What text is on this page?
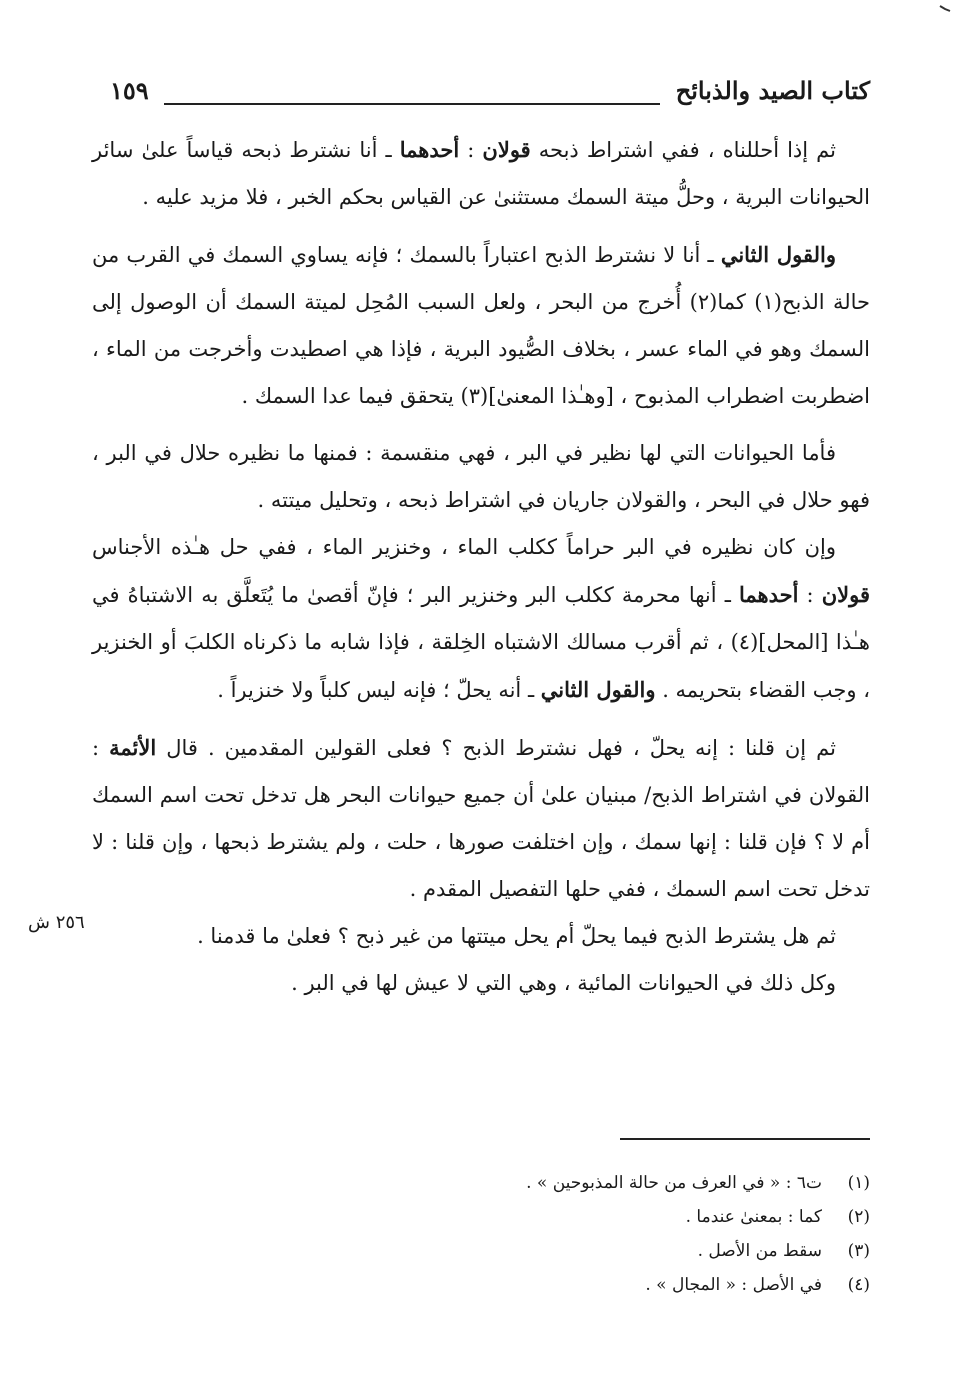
كتاب الصيد والذبائح
١٥٩

ثم إذا أحللناه ، ففي اشتراط ذبحه قولان : أحدهما ـ أنا نشترط ذبحه قياساً علىٰ سائر الحيوانات البرية ، وحلُّ ميتة السمك مستثنىٰ عن القياس بحكم الخبر ، فلا مزيد عليه .

والقول الثاني ـ أنا لا نشترط الذبح اعتباراً بالسمك ؛ فإنه يساوي السمك في القرب من حالة الذبح(١) كما(٢) أُخرج من البحر ، ولعل السبب المُحِل لميتة السمك أن الوصول إلى السمك وهو في الماء عسر ، بخلاف الصُّيود البرية ، فإذا هي اصطيدت وأخرجت من الماء ، اضطربت اضطراب المذبوح ، [وهـٰذا المعنىٰ](٣) يتحقق فيما عدا السمك .

فأما الحيوانات التي لها نظير في البر ، فهي منقسمة : فمنها ما نظيره حلال في البر ، فهو حلال في البحر ، والقولان جاريان في اشتراط ذبحه ، وتحليل ميتته .

وإن كان نظيره في البر حراماً ككلب الماء ، وخنزير الماء ، ففي حل هـٰذه الأجناس قولان : أحدهما ـ أنها محرمة ككلب البر وخنزير البر ؛ فإنّ أقصىٰ ما يُتَعلَّق به الاشتباهُ في هـٰذا [المحل](٤) ، ثم أقرب مسالك الاشتباه الخِلقة ، فإذا شابه ما ذكرناه الكلبَ أو الخنزير ، وجب القضاء بتحريمه . والقول الثاني ـ أنه يحلّ ؛ فإنه ليس كلباً ولا خنزيراً .

ثم إن قلنا : إنه يحلّ ، فهل نشترط الذبح ؟ فعلى القولين المقدمين . قال الأئمة : القولان في اشتراط الذبح/ مبنيان علىٰ أن جميع حيوانات البحر هل تدخل تحت اسم السمك أم لا ؟ فإن قلنا : إنها سمك ، وإن اختلفت صورها ، حلت ، ولم يشترط ذبحها ، وإن قلنا : لا تدخل تحت اسم السمك ، ففي حلها التفصيل المقدم .

ثم هل يشترط الذبح فيما يحلّ أم يحل ميتتها من غير ذبح ؟ فعلىٰ ما قدمنا .

وكل ذلك في الحيوانات المائية ، وهي التي لا عيش لها في البر .

٢٥٦ ش
(١)
ت٦ : « في العرف من حالة المذبوحين » .
(٢)
كما : بمعنىٰ عندما .
(٣)
سقط من الأصل .
(٤)
في الأصل : « المجال » .
